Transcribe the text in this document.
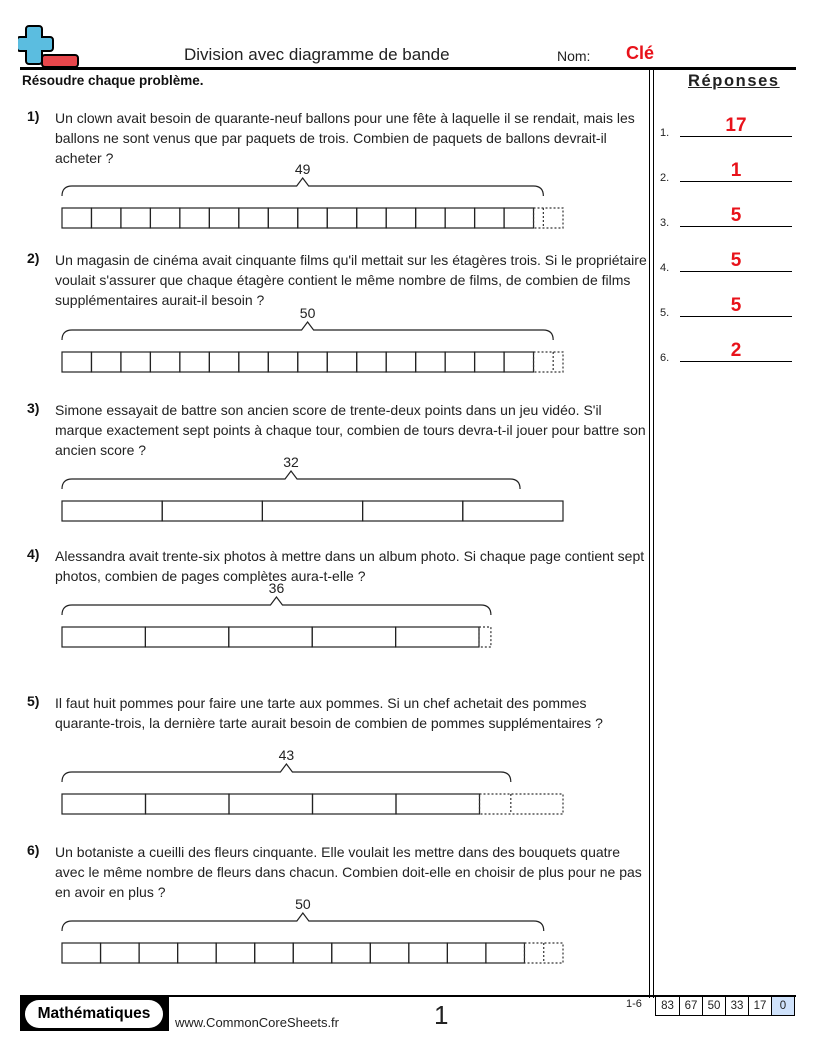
Division avec diagramme de bande	Nom: Clé
Résoudre chaque problème.	Réponses
1) Un clown avait besoin de quarante-neuf ballons pour une fête à laquelle il se rendait, mais les ballons ne sont venus que par paquets de trois. Combien de paquets de ballons devrait-il acheter ?
49
2) Un magasin de cinéma avait cinquante films qu'il mettait sur les étagères trois. Si le propriétaire voulait s'assurer que chaque étagère contient le même nombre de films, de combien de films supplémentaires aurait-il besoin ?
50
3) Simone essayait de battre son ancien score de trente-deux points dans un jeu vidéo. S'il marque exactement sept points à chaque tour, combien de tours devra-t-il jouer pour battre son ancien score ?
32
4) Alessandra avait trente-six photos à mettre dans un album photo. Si chaque page contient sept photos, combien de pages complètes aura-t-elle ?
36
5) Il faut huit pommes pour faire une tarte aux pommes. Si un chef achetait des pommes quarante-trois, la dernière tarte aurait besoin de combien de pommes supplémentaires ?
43
6) Un botaniste a cueilli des fleurs cinquante. Elle voulait les mettre dans des bouquets quatre avec le même nombre de fleurs dans chacun. Combien doit-elle en choisir de plus pour ne pas en avoir en plus ?
50
1.	17
2.	1
3.	5
4.	5
5.	5
6.	2
Mathématiques
www.CommonCoreSheets.fr	1	1-6	83 67 50 33 17	0
